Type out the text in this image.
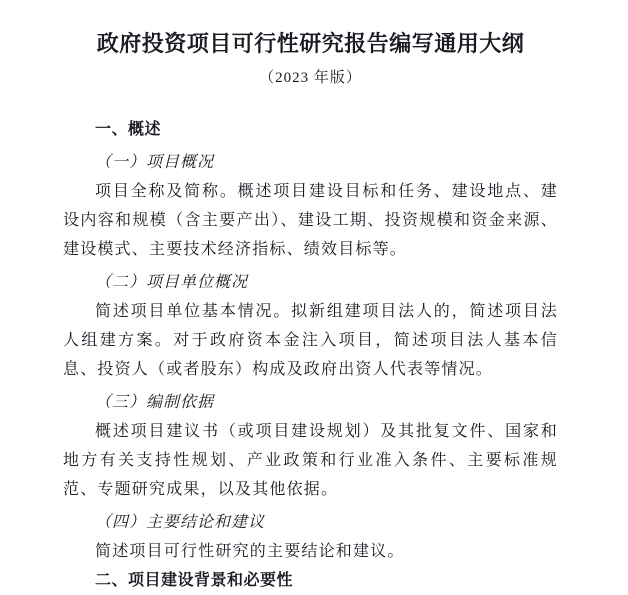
政府投资项目可行性研究报告编写通用大纲
（2023 年版）
一、概述
（一）项目概况

项目全称及简称。概述项目建设目标和任务、建设地点、建设内容和规模（含主要产出）、建设工期、投资规模和资金来源、建设模式、主要技术经济指标、绩效目标等。

（二）项目单位概况

简述项目单位基本情况。拟新组建项目法人的，简述项目法人组建方案。对于政府资本金注入项目，简述项目法人基本信息、投资人（或者股东）构成及政府出资人代表等情况。

（三）编制依据

概述项目建议书（或项目建设规划）及其批复文件、国家和地方有关支持性规划、产业政策和行业准入条件、主要标准规范、专题研究成果，以及其他依据。

（四）主要结论和建议

简述项目可行性研究的主要结论和建议。

二、项目建设背景和必要性
